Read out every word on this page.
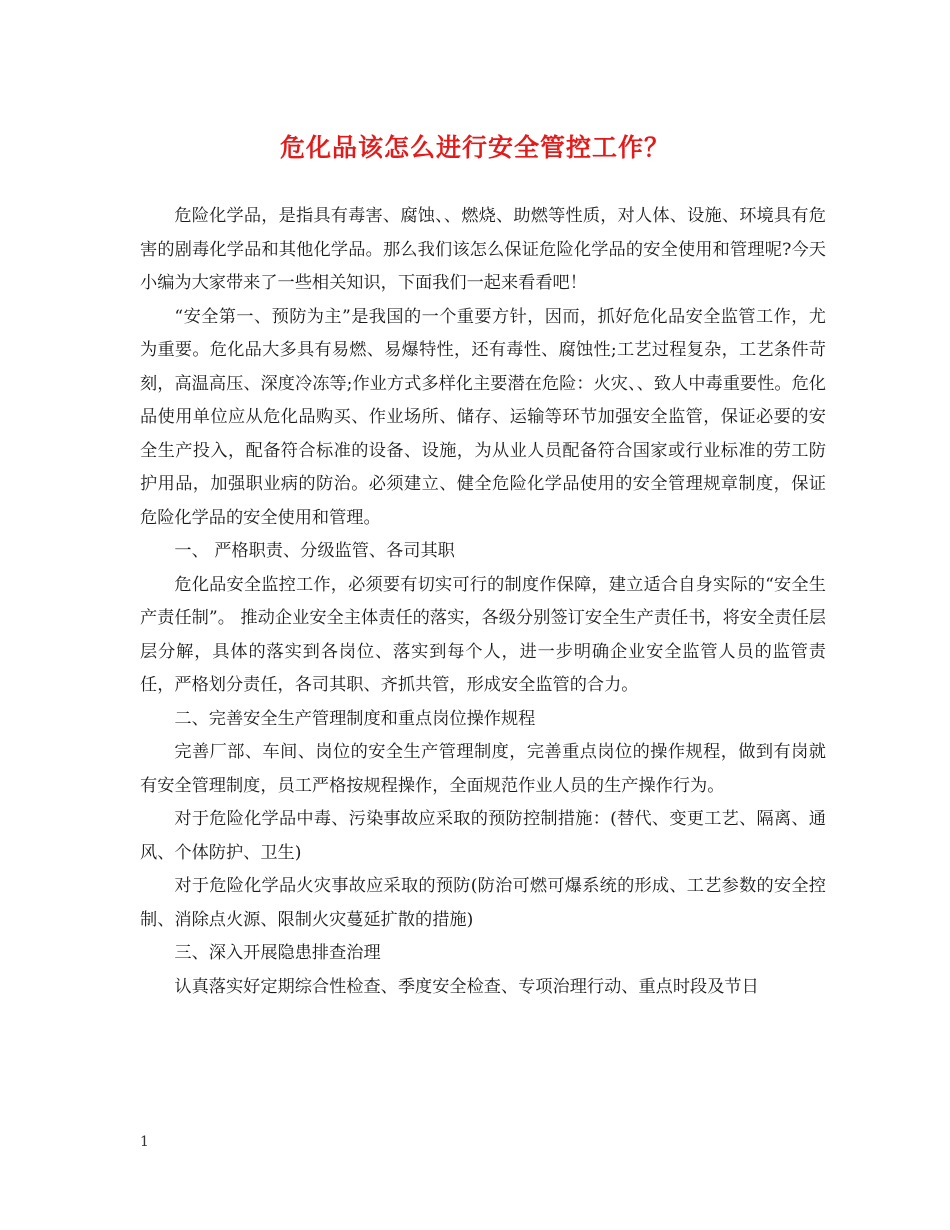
危化品该怎么进行安全管控工作？

危险化学品，是指具有毒害、腐蚀、、燃烧、助燃等性质，对人体、设施、环境具有危害的剧毒化学品和其他化学品。那么我们该怎么保证危险化学品的安全使用和管理呢?今天小编为大家带来了一些相关知识，下面我们一起来看看吧！

“安全第一、预防为主”是我国的一个重要方针，因而，抓好危化品安全监管工作，尤为重要。危化品大多具有易燃、易爆特性，还有毒性、腐蚀性;工艺过程复杂，工艺条件苛刻，高温高压、深度冷冻等;作业方式多样化主要潜在危险：火灾、、致人中毒重要性。危化品使用单位应从危化品购买、作业场所、储存、运输等环节加强安全监管，保证必要的安全生产投入，配备符合标准的设备、设施，为从业人员配备符合国家或行业标准的劳工防护用品，加强职业病的防治。必须建立、健全危险化学品使用的安全管理规章制度，保证危险化学品的安全使用和管理。

一、 严格职责、分级监管、各司其职

危化品安全监控工作，必须要有切实可行的制度作保障，建立适合自身实际的“安全生产责任制”。 推动企业安全主体责任的落实，各级分别签订安全生产责任书，将安全责任层层分解，具体的落实到各岗位、落实到每个人，进一步明确企业安全监管人员的监管责任，严格划分责任，各司其职、齐抓共管，形成安全监管的合力。

二、完善安全生产管理制度和重点岗位操作规程

完善厂部、车间、岗位的安全生产管理制度，完善重点岗位的操作规程，做到有岗就有安全管理制度，员工严格按规程操作，全面规范作业人员的生产操作行为。

对于危险化学品中毒、污染事故应采取的预防控制措施：(替代、变更工艺、隔离、通风、个体防护、卫生)

对于危险化学品火灾事故应采取的预防(防治可燃可爆系统的形成、工艺参数的安全控制、消除点火源、限制火灾蔓延扩散的措施)

三、深入开展隐患排查治理

认真落实好定期综合性检查、季度安全检查、专项治理行动、重点时段及节日

1
